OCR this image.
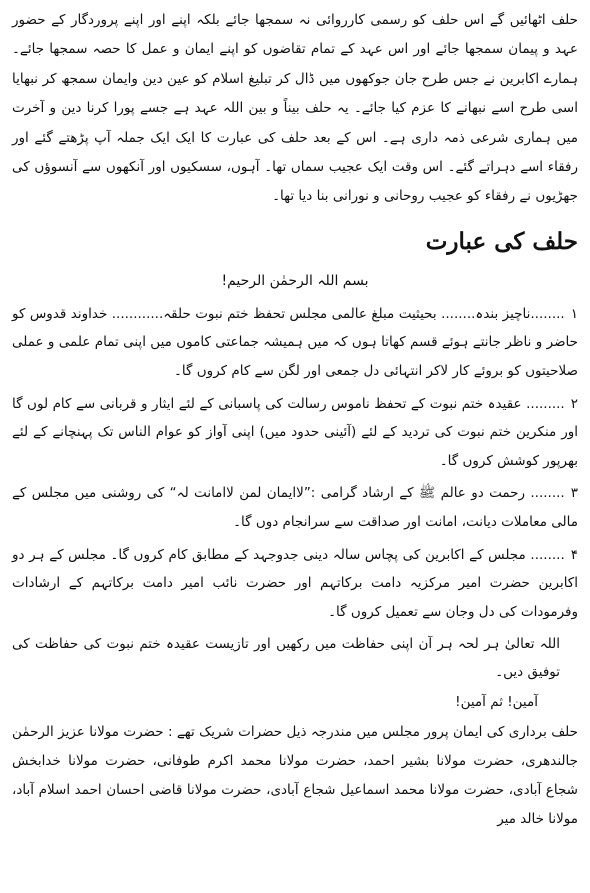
حلف اٹھائیں گے اس حلف کو رسمی کارروائی نہ سمجھا جائے بلکہ اپنے اور اپنے پروردگار کے حضور عہد و پیمان سمجھا جائے اور اس عہد کے تمام تقاضوں کو اپنے ایمان و عمل کا حصہ سمجھا جائے۔ ہمارے اکابرین نے جس طرح جان جوکھوں میں ڈال کر تبلیغ اسلام کو عین دین وایمان سمجھ کر نبھایا اسی طرح اسے نبھانے کا عزم کیا جائے۔ یہ حلف بیناً و بین اللہ عہد ہے جسے پورا کرنا دین و آخرت میں ہماری شرعی ذمہ داری ہے۔ اس کے بعد حلف کی عبارت کا ایک ایک جملہ آپ پڑھتے گئے اور رفقاء اسے دہراتے گئے۔ اس وقت ایک عجیب سماں تھا۔ آہوں، سسکیوں اور آنکھوں سے آنسوؤں کی جھڑیوں نے رفقاء کو عجیب روحانی و نورانی بنا دیا تھا۔

حلف کی عبارت
بسم اللہ الرحمٰن الرحیم!

۱........ناچیز بندہ........ بحیثیت مبلغ عالمی مجلس تحفظ ختم نبوت حلقہ............ خداوند قدوس کو حاضر و ناظر جانتے ہوئے قسم کھاتا ہوں کہ میں ہمیشہ جماعتی کاموں میں اپنی تمام علمی و عملی صلاحیتوں کو بروئے کار لاکر انتہائی دل جمعی اور لگن سے کام کروں گا۔

۲......... عقیدہ ختم نبوت کے تحفظ ناموس رسالت کی پاسبانی کے لئے ایثار و قربانی سے کام لوں گا اور منکرین ختم نبوت کی تردید کے لئے (آئینی حدود میں) اپنی آواز کو عوام الناس تک پہنچانے کے لئے بھرپور کوشش کروں گا۔

۳........ رحمت دو عالم ﷺ کے ارشاد گرامی :”لاایمان لمن لاامانت لہ“ کی روشنی میں مجلس کے مالی معاملات دیانت، امانت اور صداقت سے سرانجام دوں گا۔

۴........ مجلس کے اکابرین کی پچاس سالہ دینی جدوجہد کے مطابق کام کروں گا۔ مجلس کے ہر دو اکابرین حضرت امیر مرکزیہ دامت برکاتہم اور حضرت نائب امیر دامت برکاتہم کے ارشادات وفرمودات کی دل وجان سے تعمیل کروں گا۔

اللہ تعالیٰ ہر لحہ ہر آن اپنی حفاظت میں رکھیں اور تازیست عقیدہ ختم نبوت کی حفاظت کی توفیق دیں۔

آمین! ثم آمین!

حلف برداری کی ایمان پرور مجلس میں مندرجہ ذیل حضرات شریک تھے : حضرت مولانا عزیز الرحمٰن جالندھری، حضرت مولانا بشیر احمد، حضرت مولانا محمد اکرم طوفانی، حضرت مولانا خدابخش شجاع آبادی، حضرت مولانا محمد اسماعیل شجاع آبادی، حضرت مولانا قاضی احسان احمد اسلام آباد، مولانا خالد میر
